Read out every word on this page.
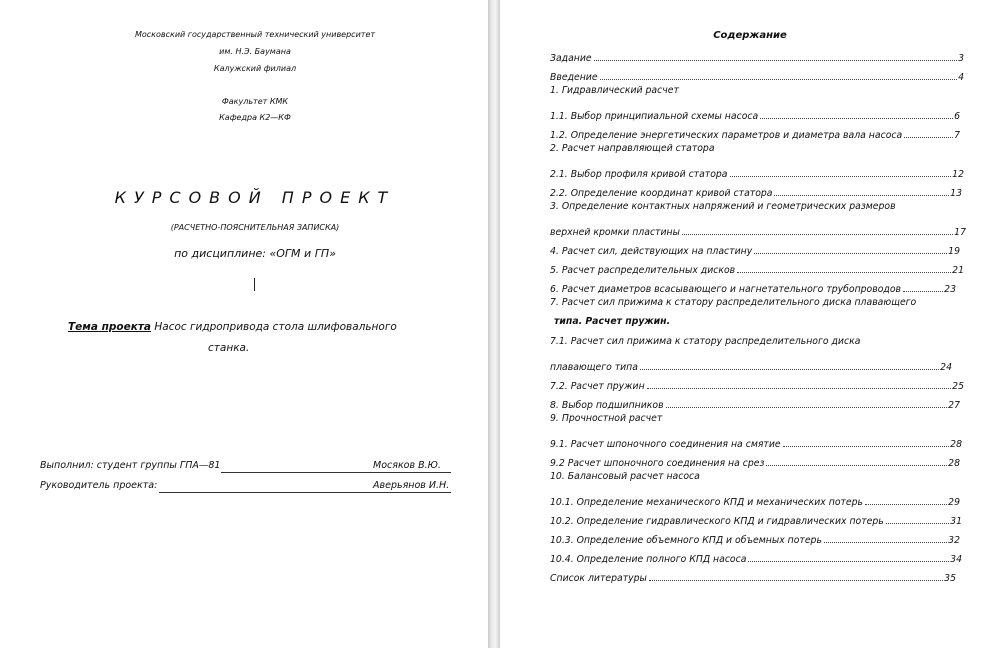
Московский государственный технический университет
им. Н.Э. Баумана
Калужский филиал
Факультет КМК
Кафедра К2—КФ
КУРСОВОЙ ПРОЕКТ
(РАСЧЕТНО-ПОЯСНИТЕЛЬНАЯ ЗАПИСКА)
по дисциплине: «ОГМ и ГП»
Тема проекта Насос гидропривода стола шлифовального
станка.
Выполнил: студент группы ГПА—81	Мосяков В.Ю.
Руководитель проекта:	Аверьянов И.Н.
Содержание
Задание	3
Введение	4
1. Гидравлический расчет
1.1. Выбор принципиальной схемы насоса	6
1.2. Определение энергетических параметров и диаметра вала насоса	7
2. Расчет направляющей статора
2.1. Выбор профиля кривой статора	12
2.2. Определение координат кривой статора	13
3. Определение контактных напряжений и геометрических размеров
верхней кромки пластины	17
4. Расчет сил, действующих на пластину	19
5. Расчет распределительных дисков	21
6. Расчет диаметров всасывающего и нагнетательного трубопроводов	23
7. Расчет сил прижима к статору распределительного диска плавающего
типа. Расчет пружин.
7.1. Расчет сил прижима к статору распределительного диска
плавающего типа	24
7.2. Расчет пружин	25
8. Выбор подшипников	27
9. Прочностной расчет
9.1. Расчет шпоночного соединения на смятие	28
9.2 Расчет шпоночного соединения на срез	28
10. Балансовый расчет насоса
10.1. Определение механического КПД и механических потерь	29
10.2. Определение гидравлического КПД и гидравлических потерь	31
10.3. Определение объемного КПД и объемных потерь	32
10.4. Определение полного КПД насоса	34
Список литературы	35
